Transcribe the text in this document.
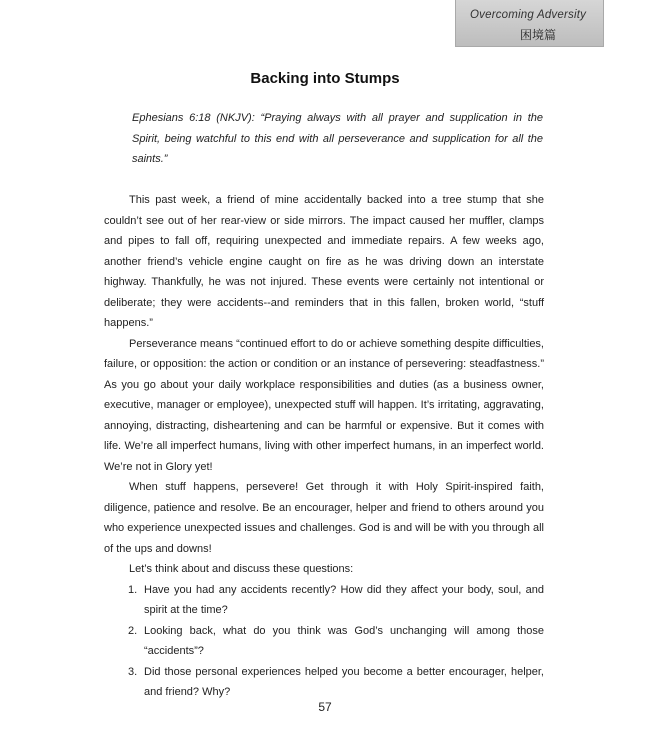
Overcoming Adversity
困境篇
Backing into Stumps
Ephesians 6:18 (NKJV): “Praying always with all prayer and supplication in the Spirit, being watchful to this end with all perseverance and supplication for all the saints.”

This past week, a friend of mine accidentally backed into a tree stump that she couldn’t see out of her rear-view or side mirrors. The impact caused her muffler, clamps and pipes to fall off, requiring unexpected and immediate repairs. A few weeks ago, another friend’s vehicle engine caught on fire as he was driving down an interstate highway. Thankfully, he was not injured. These events were certainly not intentional or deliberate; they were accidents--and reminders that in this fallen, broken world, “stuff happens.”

Perseverance means “continued effort to do or achieve something despite difficulties, failure, or opposition: the action or condition or an instance of persevering: steadfastness.” As you go about your daily workplace responsibilities and duties (as a business owner, executive, manager or employee), unexpected stuff will happen. It’s irritating, aggravating, annoying, distracting, disheartening and can be harmful or expensive. But it comes with life. We’re all imperfect humans, living with other imperfect humans, in an imperfect world. We’re not in Glory yet!

When stuff happens, persevere! Get through it with Holy Spirit-inspired faith, diligence, patience and resolve. Be an encourager, helper and friend to others around you who experience unexpected issues and challenges. God is and will be with you through all of the ups and downs!

Let’s think about and discuss these questions:

1. Have you had any accidents recently? How did they affect your body, soul, and spirit at the time?
2. Looking back, what do you think was God’s unchanging will among those “accidents”?
3. Did those personal experiences helped you become a better encourager, helper, and friend? Why?
57
